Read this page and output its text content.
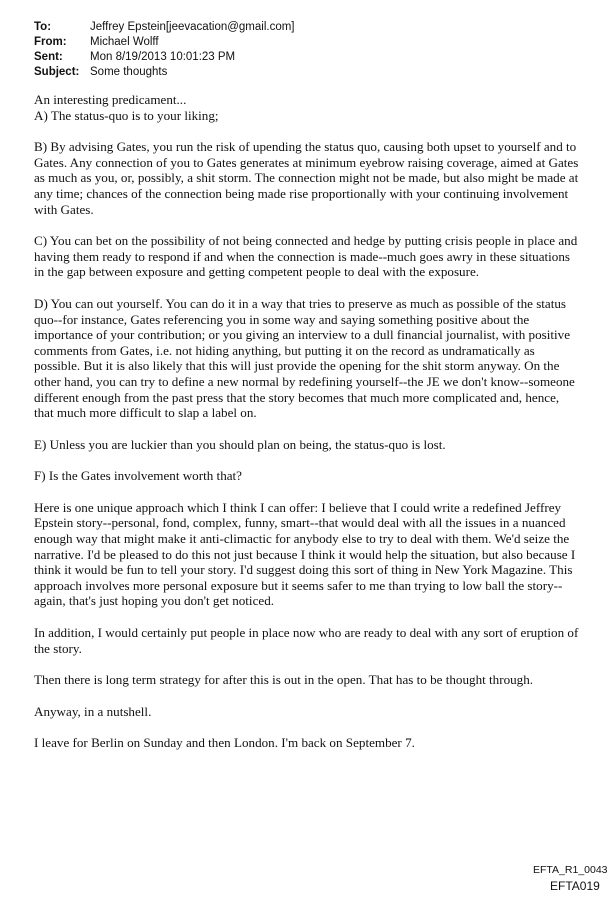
To:	Jeffrey Epstein[jeevacation@gmail.com]
From:	Michael Wolff
Sent:	Mon 8/19/2013 10:01:23 PM
Subject: Some thoughts

An interesting predicament...

A) The status-quo is to your liking;

B) By advising Gates, you run the risk of upending the status quo, causing both upset to yourself and to Gates. Any connection of you to Gates generates at minimum eyebrow raising coverage, aimed at Gates as much as you, or, possibly, a shit storm. The connection might not be made, but also might be made at any time; chances of the connection being made rise proportionally with your continuing involvement with Gates.

C) You can bet on the possibility of not being connected and hedge by putting crisis people in place and having them ready to respond if and when the connection is made--much goes awry in these situations in the gap between exposure and getting competent people to deal with the exposure.

D) You can out yourself. You can do it in a way that tries to preserve as much as possible of the status quo--for instance, Gates referencing you in some way and saying something positive about the importance of your contribution; or you giving an interview to a dull financial journalist, with positive comments from Gates, i.e. not hiding anything, but putting it on the record as undramatically as possible. But it is also likely that this will just provide the opening for the shit storm anyway. On the other hand, you can try to define a new normal by redefining yourself--the JE we don't know--someone different enough from the past press that the story becomes that much more complicated and, hence, that much more difficult to slap a label on.

E) Unless you are luckier than you should plan on being, the status-quo is lost.

F) Is the Gates involvement worth that?

Here is one unique approach which I think I can offer: I believe that I could write a redefined Jeffrey Epstein story--personal, fond, complex, funny, smart--that would deal with all the issues in a nuanced enough way that might make it anti-climactic for anybody else to try to deal with them. We'd seize the narrative. I'd be pleased to do this not just because I think it would help the situation, but also because I think it would be fun to tell your story. I'd suggest doing this sort of thing in New York Magazine. This approach involves more personal exposure but it seems safer to me than trying to low ball the story--again, that's just hoping you don't get noticed.

In addition, I would certainly put people in place now who are ready to deal with any sort of eruption of the story.

Then there is long term strategy for after this is out in the open. That has to be thought through.

Anyway, in a nutshell.

I leave for Berlin on Sunday and then London. I'm back on September 7.

EFTA_R1_0043
EFTA019
